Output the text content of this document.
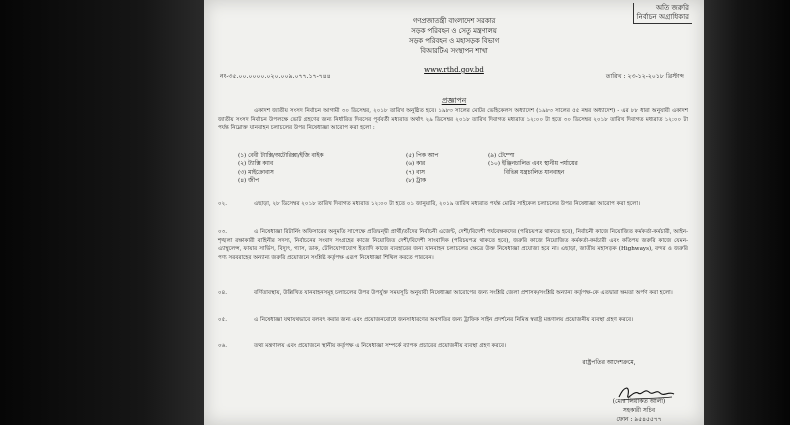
অতি জরুরি
নির্বাচন অগ্রাধিকার
গণপ্রজাতন্ত্রী বাংলাদেশ সরকার
সড়ক পরিবহন ও সেতু মন্ত্রণালয়
সড়ক পরিবহন ও মহাসড়ক বিভাগ
বিআরটিএ সংস্থাপন শাখা
www.rthd.gov.bd
নং-৩৫.০০.০০০০.০২০.০০৯.০৭৭.১৭-৭৪৪	তারিখ : ২৩-১২-২০১৮ খ্রিস্টাব্দ
প্রজ্ঞাপন
একাদশ জাতীয় সংসদ নির্বাচন আগামী ৩০ ডিসেম্বর, ২০১৮ তারিখ অনুষ্ঠিত হবে। ১৯৮৩ সালের মোটর ভেহিকেলস অধ্যাদেশ (১৯৮৩ সালের ৫৫ নম্বর অধ্যাদেশ) - এর ৮৮ ধারা অনুযায়ী একাদশ জাতীয় সংসদ নির্বাচন উপলক্ষে ভোট গ্রহণের জন্য নির্ধারিত দিবসের পূর্ববর্তী মধ্যরাত অর্থাৎ ২৯ ডিসেম্বর ২০১৮ তারিখ দিবাগত মধ্যরাত ১২:০০ টা হতে ৩০ ডিসেম্বর ২০১৮ তারিখ দিবাগত মধ্যরাত ১২:০০ টা পর্যন্ত নিম্নোক্ত যানবাহন চলাচলের উপর নিষেধাজ্ঞা আরোপ করা হলো :
(১) বেবী ট্যাক্সি/অটোরিক্সা/ইজি বাইক
(২) ট্যাক্সি ক্যাব
(৩) মাইক্রোবাস
(৪) জীপ
(৫) পিক আপ
(৬) কার
(৭) বাস
(৮) ট্রাক
(৯) টেম্পো
(১০) ইঞ্জিনচালিত এবং স্থানীয় পর্যায়ের
বিভিন্ন যন্ত্রচালিত যানবাহন
০২.	এছাড়া, ২৮ ডিসেম্বর ২০১৮ তারিখ দিবাগত মধ্যরাত ১২:০০ টা হতে ০১ জানুয়ারি, ২০১৯ তারিখ মধ্যরাত পর্যন্ত মোটর সাইকেল চলাচলের উপর নিষেধাজ্ঞা আরোপ করা হলো।
০৩.	এ নিষেধাজ্ঞা রিটার্নিং অফিসারের অনুমতি সাপেক্ষে প্রতিদ্বন্দ্বী প্রার্থী/তাঁদের নির্বাচনী এজেন্ট, দেশী/বিদেশী পর্যবেক্ষকদের (পরিচয়পত্র থাকতে হবে), নির্বাচনী কাজে নিয়োজিত কর্মকর্তা-কর্মচারী, আইন-শৃঙ্খলা রক্ষাকারী বাহিনীর সদস্য, নির্বাচনের সংবাদ সংগ্রহের কাজে নিয়োজিত দেশী/বিদেশী সাংবাদিক (পরিচয়পত্র থাকতে হবে), জরুরি কাজে নিয়োজিত কর্মকর্তা-কর্মচারী এবং কতিপয় জরুরি কাজে যেমন- এ্যাম্বুলেন্স, ফায়ার সার্ভিস, বিদ্যুৎ, গ্যাস, ডাক, টেলিযোগাযোগ ইত্যাদি কাজে ব্যবহারের জন্য যানবাহন চলাচলের ক্ষেত্রে উক্ত নিষেধাজ্ঞা প্রযোজ্য হবে না। এছাড়া, জাতীয় মহাসড়ক (Highways), বন্দর ও জরুরি পণ্য সরবরাহের অন্যান্য জরুরি প্রয়োজনে সংশ্লিষ্ট কর্তৃপক্ষ এরূপ নিষেধাজ্ঞা শিথিল করতে পারবেন।
০৪.	বর্ণিতাবস্থায়, উল্লিখিত যানবাহনসমূহ চলাচলের উপর উপর্যুক্ত সময়সূচি অনুযায়ী নিষেধাজ্ঞা আরোপের জন্য সংশ্লিষ্ট জেলা প্রশাসক/সংশ্লিষ্ট অন্যান্য কর্তৃপক্ষ-কে এতদ্বারা ক্ষমতা অর্পণ করা হলো।
০৫.	এ নিষেধাজ্ঞা যথাযথভাবে বলবৎ করার জন্য এবং প্রয়োজনবোধে জনসাধারণের অবগতির জন্য ট্রাফিক সাইন প্রদর্শনের নিমিত্ত স্বরাষ্ট্র মন্ত্রণালয় প্রয়োজনীয় ব্যবস্থা গ্রহণ করবে।
০৬.	তথ্য মন্ত্রণালয় এবং প্রয়োজনে স্থানীয় কর্তৃপক্ষ এ নিষেধাজ্ঞা সম্পর্কে ব্যাপক প্রচারের প্রয়োজনীয় ব্যবস্থা গ্রহণ করবে।
রাষ্ট্রপতির আদেশক্রমে,
(মোঃ লিয়াকত আলী)
সহকারী সচিব
ফোন : ৯৫৪৫৫৭৭
